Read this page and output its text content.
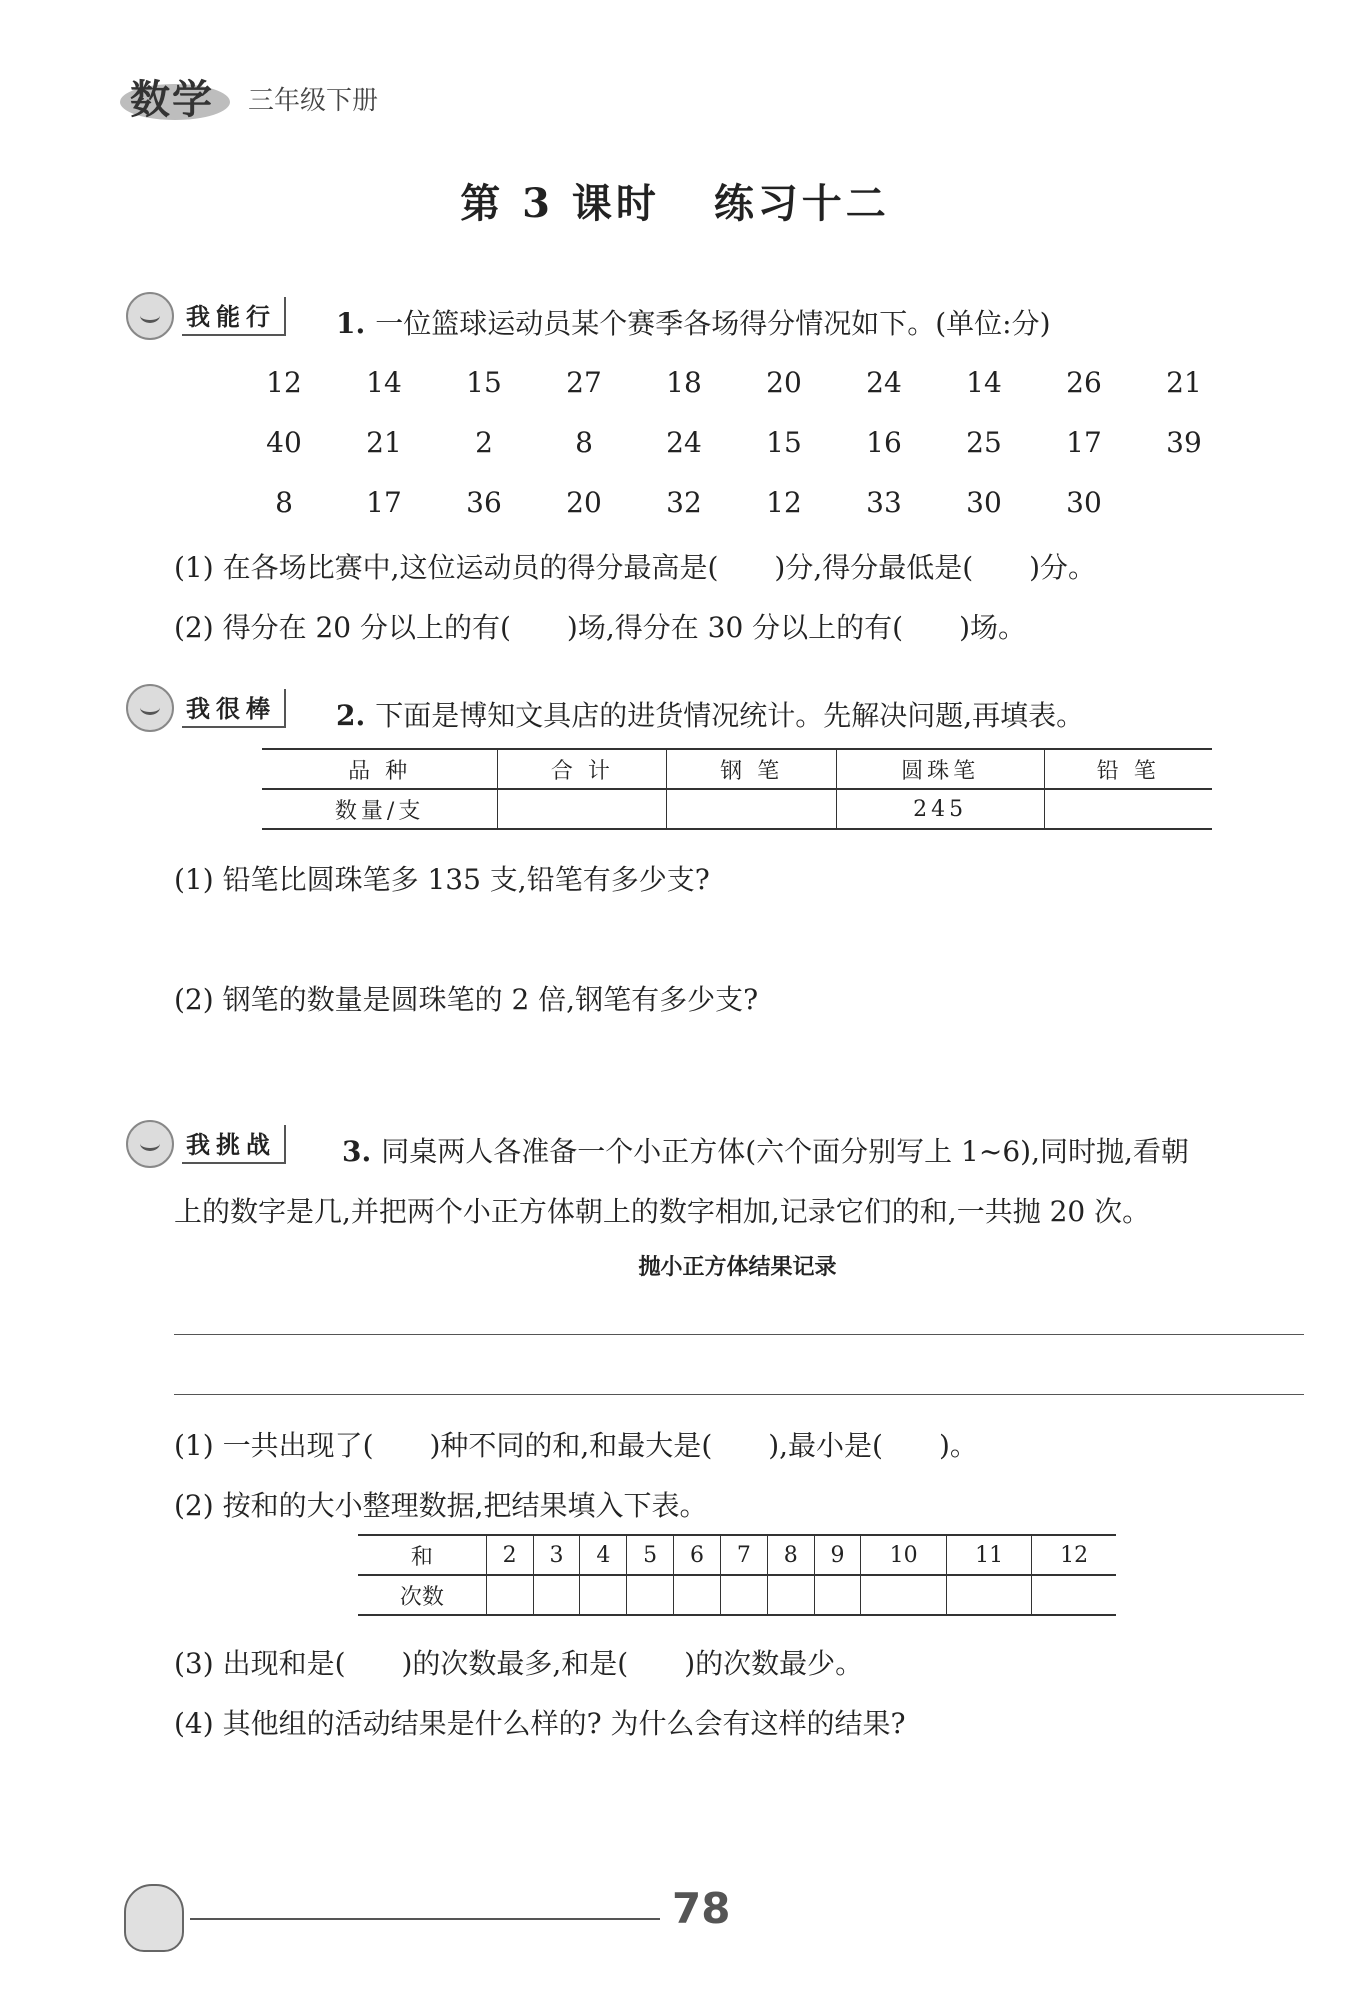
数学 三年级下册
第 3 课时 练习十二
我能行	1. 一位篮球运动员某个赛季各场得分情况如下。(单位:分)
12	14	15	27	18	20	24	14	26	21
40	21	2	8	24	15	16	25	17	39
8	17	36	20	32	12	33	30	30
(1) 在各场比赛中,这位运动员的得分最高是(　　)分,得分最低是(　　)分。
(2) 得分在 20 分以上的有(　　)场,得分在 30 分以上的有(　　)场。
我很棒	2. 下面是博知文具店的进货情况统计。先解决问题,再填表。
品 种	合 计	钢 笔	圆珠笔	铅 笔
数量/支			245	
(1) 铅笔比圆珠笔多 135 支,铅笔有多少支?
(2) 钢笔的数量是圆珠笔的 2 倍,钢笔有多少支?
我挑战	3. 同桌两人各准备一个小正方体(六个面分别写上 1~6),同时抛,看朝
上的数字是几,并把两个小正方体朝上的数字相加,记录它们的和,一共抛 20 次。
抛小正方体结果记录
(1) 一共出现了(　　)种不同的和,和最大是(　　),最小是(　　)。
(2) 按和的大小整理数据,把结果填入下表。
和	2	3	4	5	6	7	8	9	10	11	12
次数											
(3) 出现和是(　　)的次数最多,和是(　　)的次数最少。
(4) 其他组的活动结果是什么样的? 为什么会有这样的结果?
78
